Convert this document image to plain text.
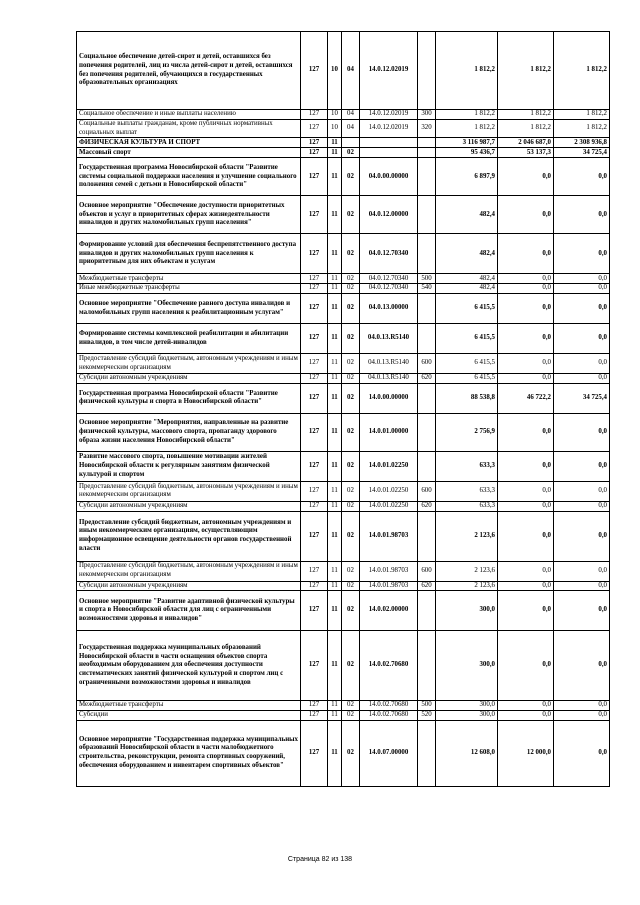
Социальное обеспечение детей-сирот и детей, оставшихся без попечения родителей, лиц из числа детей-сирот и детей, оставшихся без попечения родителей, обучающихся в государственных образовательных организациях	127	10	04	14.0.12.02019		1 812,2	1 812,2	1 812,2
Социальное обеспечение и иные выплаты населению	127	10	04	14.0.12.02019	300	1 812,2	1 812,2	1 812,2
Социальные выплаты гражданам, кроме публичных нормативных социальных выплат	127	10	04	14.0.12.02019	320	1 812,2	1 812,2	1 812,2
ФИЗИЧЕСКАЯ КУЛЬТУРА И СПОРТ	127	11				3 116 987,7	2 046 687,0	2 308 936,8
Массовый спорт	127	11	02			95 436,7	53 137,3	34 725,4
Государственная программа Новосибирской области "Развитие системы социальной поддержки населения и улучшение социального положения семей с детьми в Новосибирской области"	127	11	02	04.0.00.00000		6 897,9	0,0	0,0
Основное мероприятие "Обеспечение доступности приоритетных объектов и услуг в приоритетных сферах жизнедеятельности инвалидов и других маломобильных групп населения"	127	11	02	04.0.12.00000		482,4	0,0	0,0
Формирование условий для обеспечения беспрепятственного доступа инвалидов и других маломобильных групп населения к приоритетным для них объектам и услугам	127	11	02	04.0.12.70340		482,4	0,0	0,0
Межбюджетные трансферты	127	11	02	04.0.12.70340	500	482,4	0,0	0,0
Иные межбюджетные трансферты	127	11	02	04.0.12.70340	540	482,4	0,0	0,0
Основное мероприятие "Обеспечение равного доступа инвалидов и маломобильных групп населения к реабилитационным услугам"	127	11	02	04.0.13.00000		6 415,5	0,0	0,0
Формирование системы комплексной реабилитации и абилитации инвалидов, в том числе детей-инвалидов	127	11	02	04.0.13.R5140		6 415,5	0,0	0,0
Предоставление субсидий бюджетным, автономным учреждениям и иным некоммерческим организациям	127	11	02	04.0.13.R5140	600	6 415,5	0,0	0,0
Субсидии автономным учреждениям	127	11	02	04.0.13.R5140	620	6 415,5	0,0	0,0
Государственная программа Новосибирской области "Развитие физической культуры и спорта в Новосибирской области"	127	11	02	14.0.00.00000		88 538,8	46 722,2	34 725,4
Основное мероприятие "Мероприятия, направленные на развитие физической культуры, массового спорта, пропаганду здорового образа жизни населения Новосибирской области"	127	11	02	14.0.01.00000		2 756,9	0,0	0,0
Развитие массового спорта, повышение мотивации жителей Новосибирской области к регулярным занятиям физической культурой и спортом	127	11	02	14.0.01.02250		633,3	0,0	0,0
Предоставление субсидий бюджетным, автономным учреждениям и иным некоммерческим организациям	127	11	02	14.0.01.02250	600	633,3	0,0	0,0
Субсидии автономным учреждениям	127	11	02	14.0.01.02250	620	633,3	0,0	0,0
Предоставление субсидий бюджетным, автономным учреждениям и иным некоммерческим организациям, осуществляющим информационное освещение деятельности органов государственной власти	127	11	02	14.0.01.98703		2 123,6	0,0	0,0
Предоставление субсидий бюджетным, автономным учреждениям и иным некоммерческим организациям	127	11	02	14.0.01.98703	600	2 123,6	0,0	0,0
Субсидии автономным учреждениям	127	11	02	14.0.01.98703	620	2 123,6	0,0	0,0
Основное мероприятие "Развитие адаптивной физической культуры и спорта в Новосибирской области для лиц с ограниченными возможностями здоровья и инвалидов"	127	11	02	14.0.02.00000		300,0	0,0	0,0
Государственная поддержка муниципальных образований Новосибирской области в части оснащения объектов спорта необходимым оборудованием для обеспечения доступности систематических занятий физической культурой и спортом лиц с ограниченными возможностями здоровья и инвалидов	127	11	02	14.0.02.70680		300,0	0,0	0,0
Межбюджетные трансферты	127	11	02	14.0.02.70680	500	300,0	0,0	0,0
Субсидии	127	11	02	14.0.02.70680	520	300,0	0,0	0,0
Основное мероприятие "Государственная поддержка муниципальных образований Новосибирской области в части малобюджетного строительства, реконструкции, ремонта спортивных сооружений, обеспечения оборудованием и инвентарем спортивных объектов"	127	11	02	14.0.07.00000		12 608,0	12 000,0	0,0
Страница 82 из 138
